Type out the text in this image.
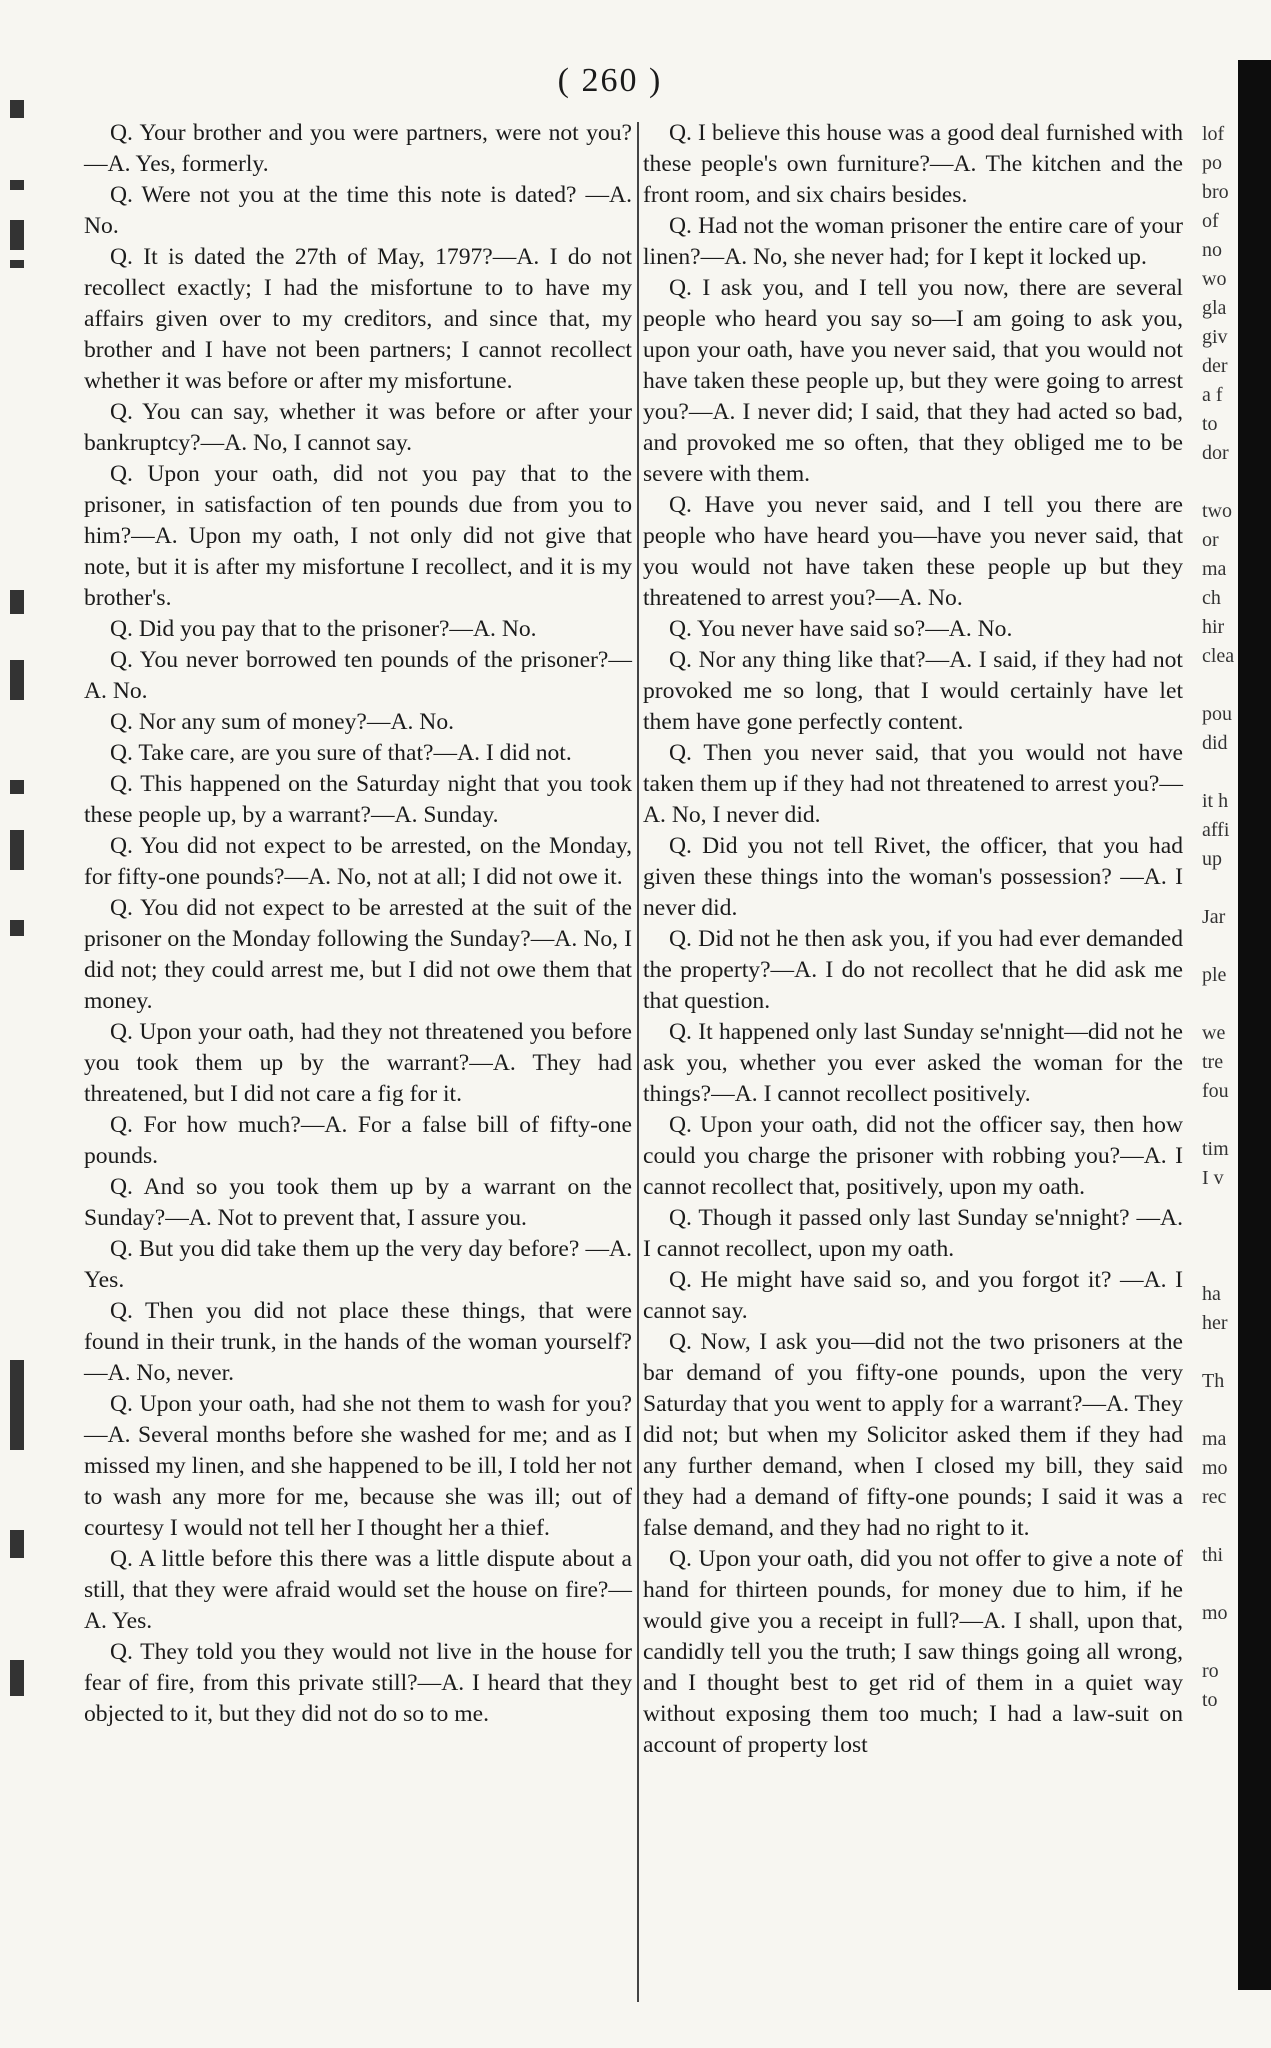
( 260 )

Q. Your brother and you were partners, were not you?—A. Yes, formerly.

Q. Were not you at the time this note is dated? —A. No.

Q. It is dated the 27th of May, 1797?—A. I do not recollect exactly; I had the misfortune to to have my affairs given over to my creditors, and since that, my brother and I have not been partners; I cannot recollect whether it was before or after my misfortune.

Q. You can say, whether it was before or after your bankruptcy?—A. No, I cannot say.

Q. Upon your oath, did not you pay that to the prisoner, in satisfaction of ten pounds due from you to him?—A. Upon my oath, I not only did not give that note, but it is after my misfortune I recollect, and it is my brother's.

Q. Did you pay that to the prisoner?—A. No.

Q. You never borrowed ten pounds of the prisoner?—A. No.

Q. Nor any sum of money?—A. No.

Q. Take care, are you sure of that?—A. I did not.

Q. This happened on the Saturday night that you took these people up, by a warrant?—A. Sunday.

Q. You did not expect to be arrested, on the Monday, for fifty-one pounds?—A. No, not at all; I did not owe it.

Q. You did not expect to be arrested at the suit of the prisoner on the Monday following the Sunday?—A. No, I did not; they could arrest me, but I did not owe them that money.

Q. Upon your oath, had they not threatened you before you took them up by the warrant?—A. They had threatened, but I did not care a fig for it.

Q. For how much?—A. For a false bill of fifty-one pounds.

Q. And so you took them up by a warrant on the Sunday?—A. Not to prevent that, I assure you.

Q. But you did take them up the very day before? —A. Yes.

Q. Then you did not place these things, that were found in their trunk, in the hands of the woman yourself?—A. No, never.

Q. Upon your oath, had she not them to wash for you?—A. Several months before she washed for me; and as I missed my linen, and she happened to be ill, I told her not to wash any more for me, because she was ill; out of courtesy I would not tell her I thought her a thief.

Q. A little before this there was a little dispute about a still, that they were afraid would set the house on fire?—A. Yes.

Q. They told you they would not live in the house for fear of fire, from this private still?—A. I heard that they objected to it, but they did not do so to me.

Q. I believe this house was a good deal furnished with these people's own furniture?—A. The kitchen and the front room, and six chairs besides.

Q. Had not the woman prisoner the entire care of your linen?—A. No, she never had; for I kept it locked up.

Q. I ask you, and I tell you now, there are several people who heard you say so—I am going to ask you, upon your oath, have you never said, that you would not have taken these people up, but they were going to arrest you?—A. I never did; I said, that they had acted so bad, and provoked me so often, that they obliged me to be severe with them.

Q. Have you never said, and I tell you there are people who have heard you—have you never said, that you would not have taken these people up but they threatened to arrest you?—A. No.

Q. You never have said so?—A. No.

Q. Nor any thing like that?—A. I said, if they had not provoked me so long, that I would certainly have let them have gone perfectly content.

Q. Then you never said, that you would not have taken them up if they had not threatened to arrest you?—A. No, I never did.

Q. Did you not tell Rivet, the officer, that you had given these things into the woman's possession? —A. I never did.

Q. Did not he then ask you, if you had ever demanded the property?—A. I do not recollect that he did ask me that question.

Q. It happened only last Sunday se'nnight—did not he ask you, whether you ever asked the woman for the things?—A. I cannot recollect positively.

Q. Upon your oath, did not the officer say, then how could you charge the prisoner with robbing you?—A. I cannot recollect that, positively, upon my oath.

Q. Though it passed only last Sunday se'nnight? —A. I cannot recollect, upon my oath.

Q. He might have said so, and you forgot it? —A. I cannot say.

Q. Now, I ask you—did not the two prisoners at the bar demand of you fifty-one pounds, upon the very Saturday that you went to apply for a warrant?—A. They did not; but when my Solicitor asked them if they had any further demand, when I closed my bill, they said they had a demand of fifty-one pounds; I said it was a false demand, and they had no right to it.

Q. Upon your oath, did you not offer to give a note of hand for thirteen pounds, for money due to him, if he would give you a receipt in full?—A. I shall, upon that, candidly tell you the truth; I saw things going all wrong, and I thought best to get rid of them in a quiet way without exposing them too much; I had a law-suit on account of property lost

lof
po
bro
of
no
wo
gla
giv
der
a f
to
dor
two
or
ma
ch
hir
clea
pou
did
it h
affi
up
Jar
ple
we
tre
fou
tim
I v
ha
her
Th
ma
mo
rec
thi
mo
ro
to
